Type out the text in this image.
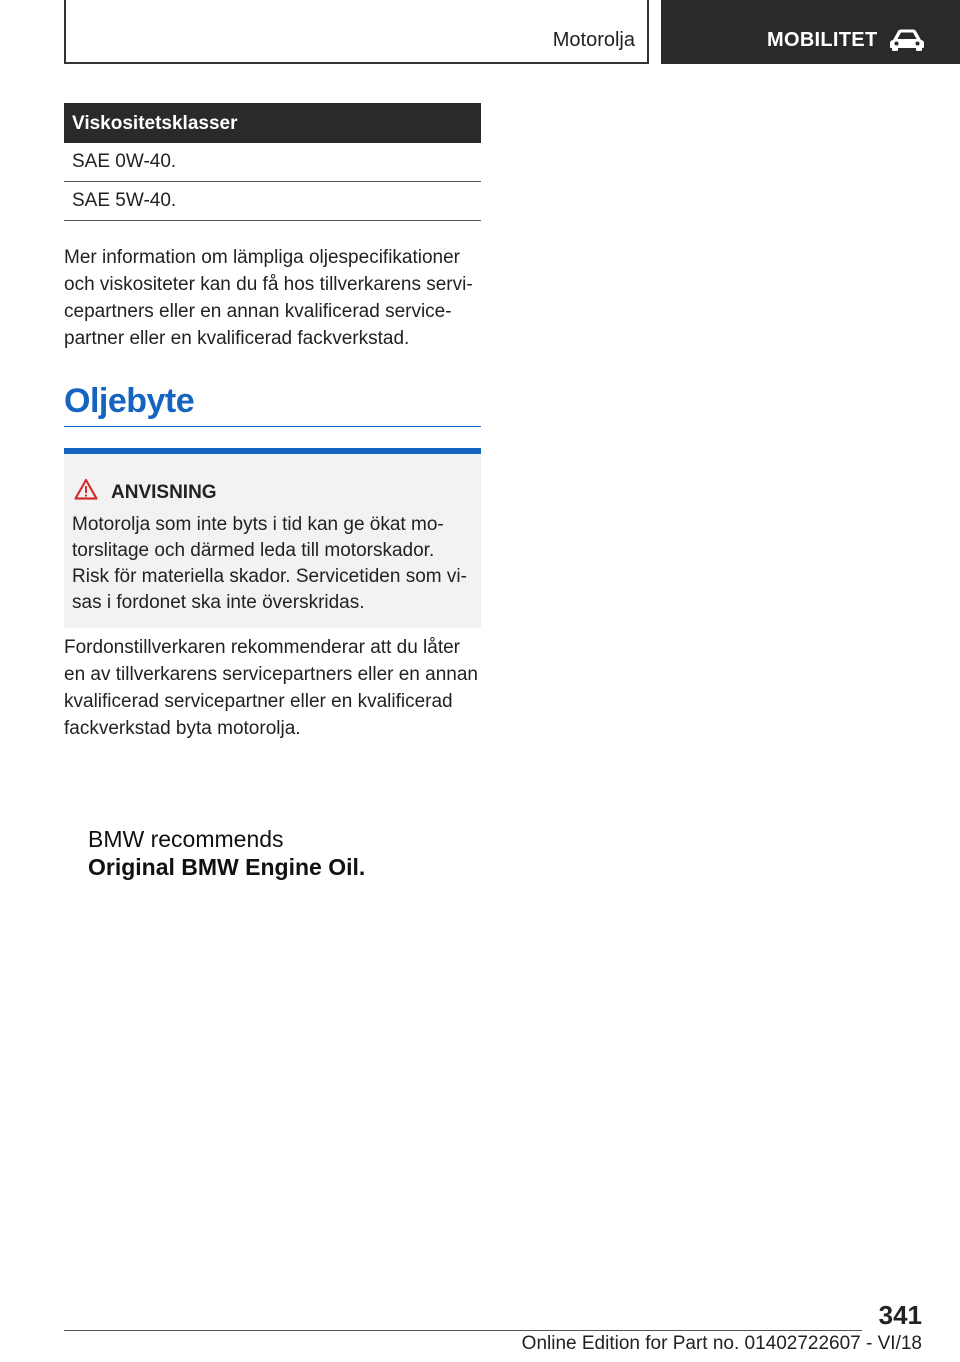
Motorolja	MOBILITET
Viskositetsklasser
SAE 0W-40.
SAE 5W-40.

Mer information om lämpliga oljespecifikationer

och viskositeter kan du få hos tillverkarens servi‐

cepartners eller en annan kvalificerad service‐

partner eller en kvalificerad fackverkstad.

Oljebyte
ANVISNING
Motorolja som inte byts i tid kan ge ökat mo‐
torslitage och därmed leda till motorskador.
Risk för materiella skador. Servicetiden som vi‐
sas i fordonet ska inte överskridas.

Fordonstillverkaren rekommenderar att du låter

en av tillverkarens servicepartners eller en annan

kvalificerad servicepartner eller en kvalificerad

fackverkstad byta motorolja.

BMW recommends
Original BMW Engine Oil.
341
Online Edition for Part no. 01402722607 - VI/18
